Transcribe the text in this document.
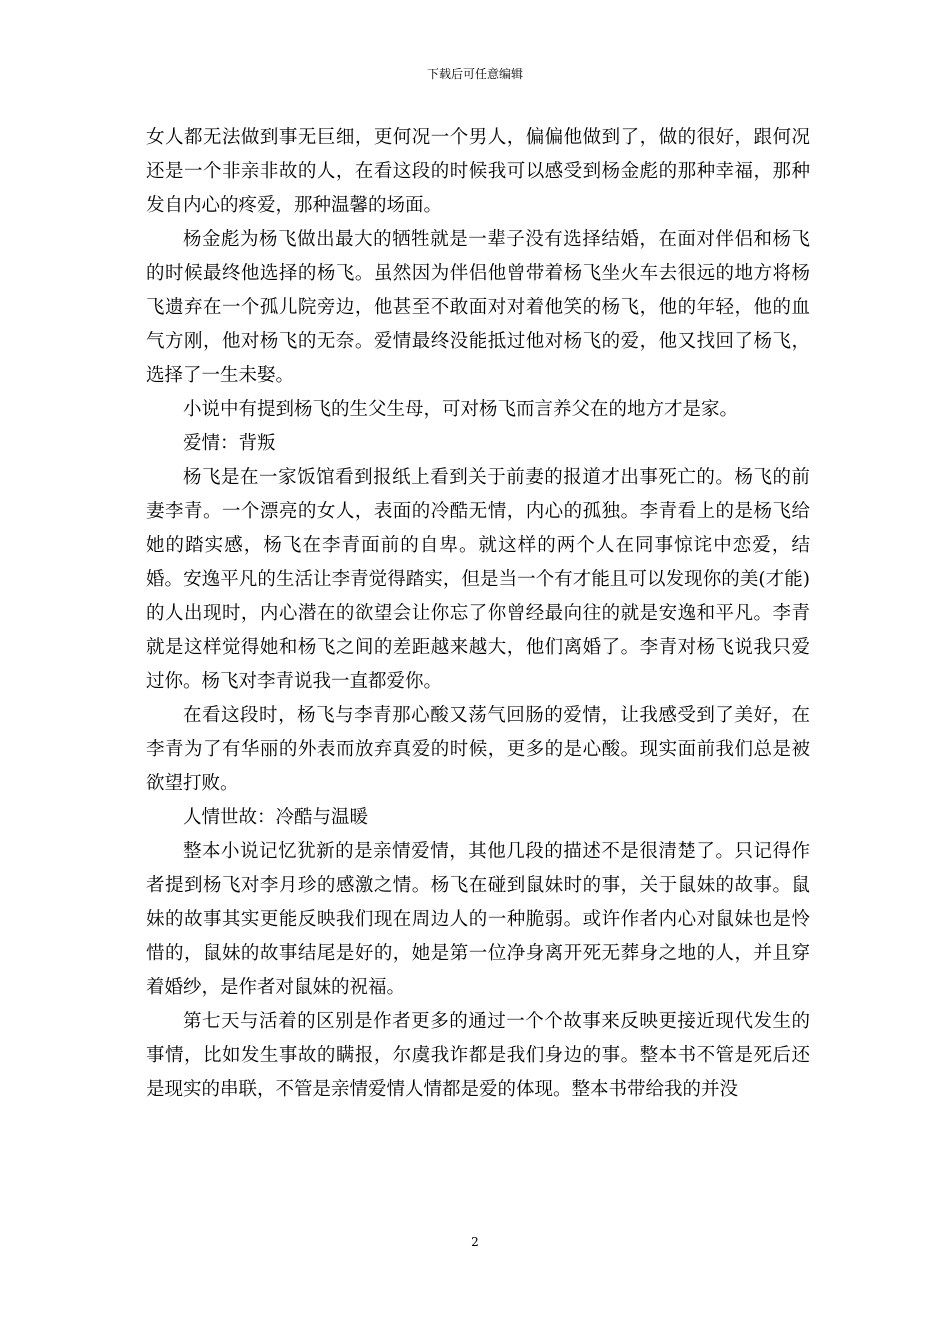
下载后可任意编辑

女人都无法做到事无巨细，更何况一个男人，偏偏他做到了，做的很好，跟何况还是一个非亲非故的人，在看这段的时候我可以感受到杨金彪的那种幸福，那种发自内心的疼爱，那种温馨的场面。

杨金彪为杨飞做出最大的牺牲就是一辈子没有选择结婚，在面对伴侣和杨飞的时候最终他选择的杨飞。虽然因为伴侣他曾带着杨飞坐火车去很远的地方将杨飞遗弃在一个孤儿院旁边，他甚至不敢面对对着他笑的杨飞，他的年轻，他的血气方刚，他对杨飞的无奈。爱情最终没能抵过他对杨飞的爱，他又找回了杨飞，选择了一生未娶。

小说中有提到杨飞的生父生母，可对杨飞而言养父在的地方才是家。

爱情：背叛

杨飞是在一家饭馆看到报纸上看到关于前妻的报道才出事死亡的。杨飞的前妻李青。一个漂亮的女人，表面的冷酷无情，内心的孤独。李青看上的是杨飞给她的踏实感，杨飞在李青面前的自卑。就这样的两个人在同事惊诧中恋爱，结婚。安逸平凡的生活让李青觉得踏实，但是当一个有才能且可以发现你的美(才能)的人出现时，内心潜在的欲望会让你忘了你曾经最向往的就是安逸和平凡。李青就是这样觉得她和杨飞之间的差距越来越大，他们离婚了。李青对杨飞说我只爱过你。杨飞对李青说我一直都爱你。

在看这段时，杨飞与李青那心酸又荡气回肠的爱情，让我感受到了美好，在李青为了有华丽的外表而放弃真爱的时候，更多的是心酸。现实面前我们总是被欲望打败。

人情世故：冷酷与温暖

整本小说记忆犹新的是亲情爱情，其他几段的描述不是很清楚了。只记得作者提到杨飞对李月珍的感激之情。杨飞在碰到鼠妹时的事，关于鼠妹的故事。鼠妹的故事其实更能反映我们现在周边人的一种脆弱。或许作者内心对鼠妹也是怜惜的，鼠妹的故事结尾是好的，她是第一位净身离开死无葬身之地的人，并且穿着婚纱，是作者对鼠妹的祝福。

第七天与活着的区别是作者更多的通过一个个故事来反映更接近现代发生的事情，比如发生事故的瞒报，尔虞我诈都是我们身边的事。整本书不管是死后还是现实的串联，不管是亲情爱情人情都是爱的体现。整本书带给我的并没

2
